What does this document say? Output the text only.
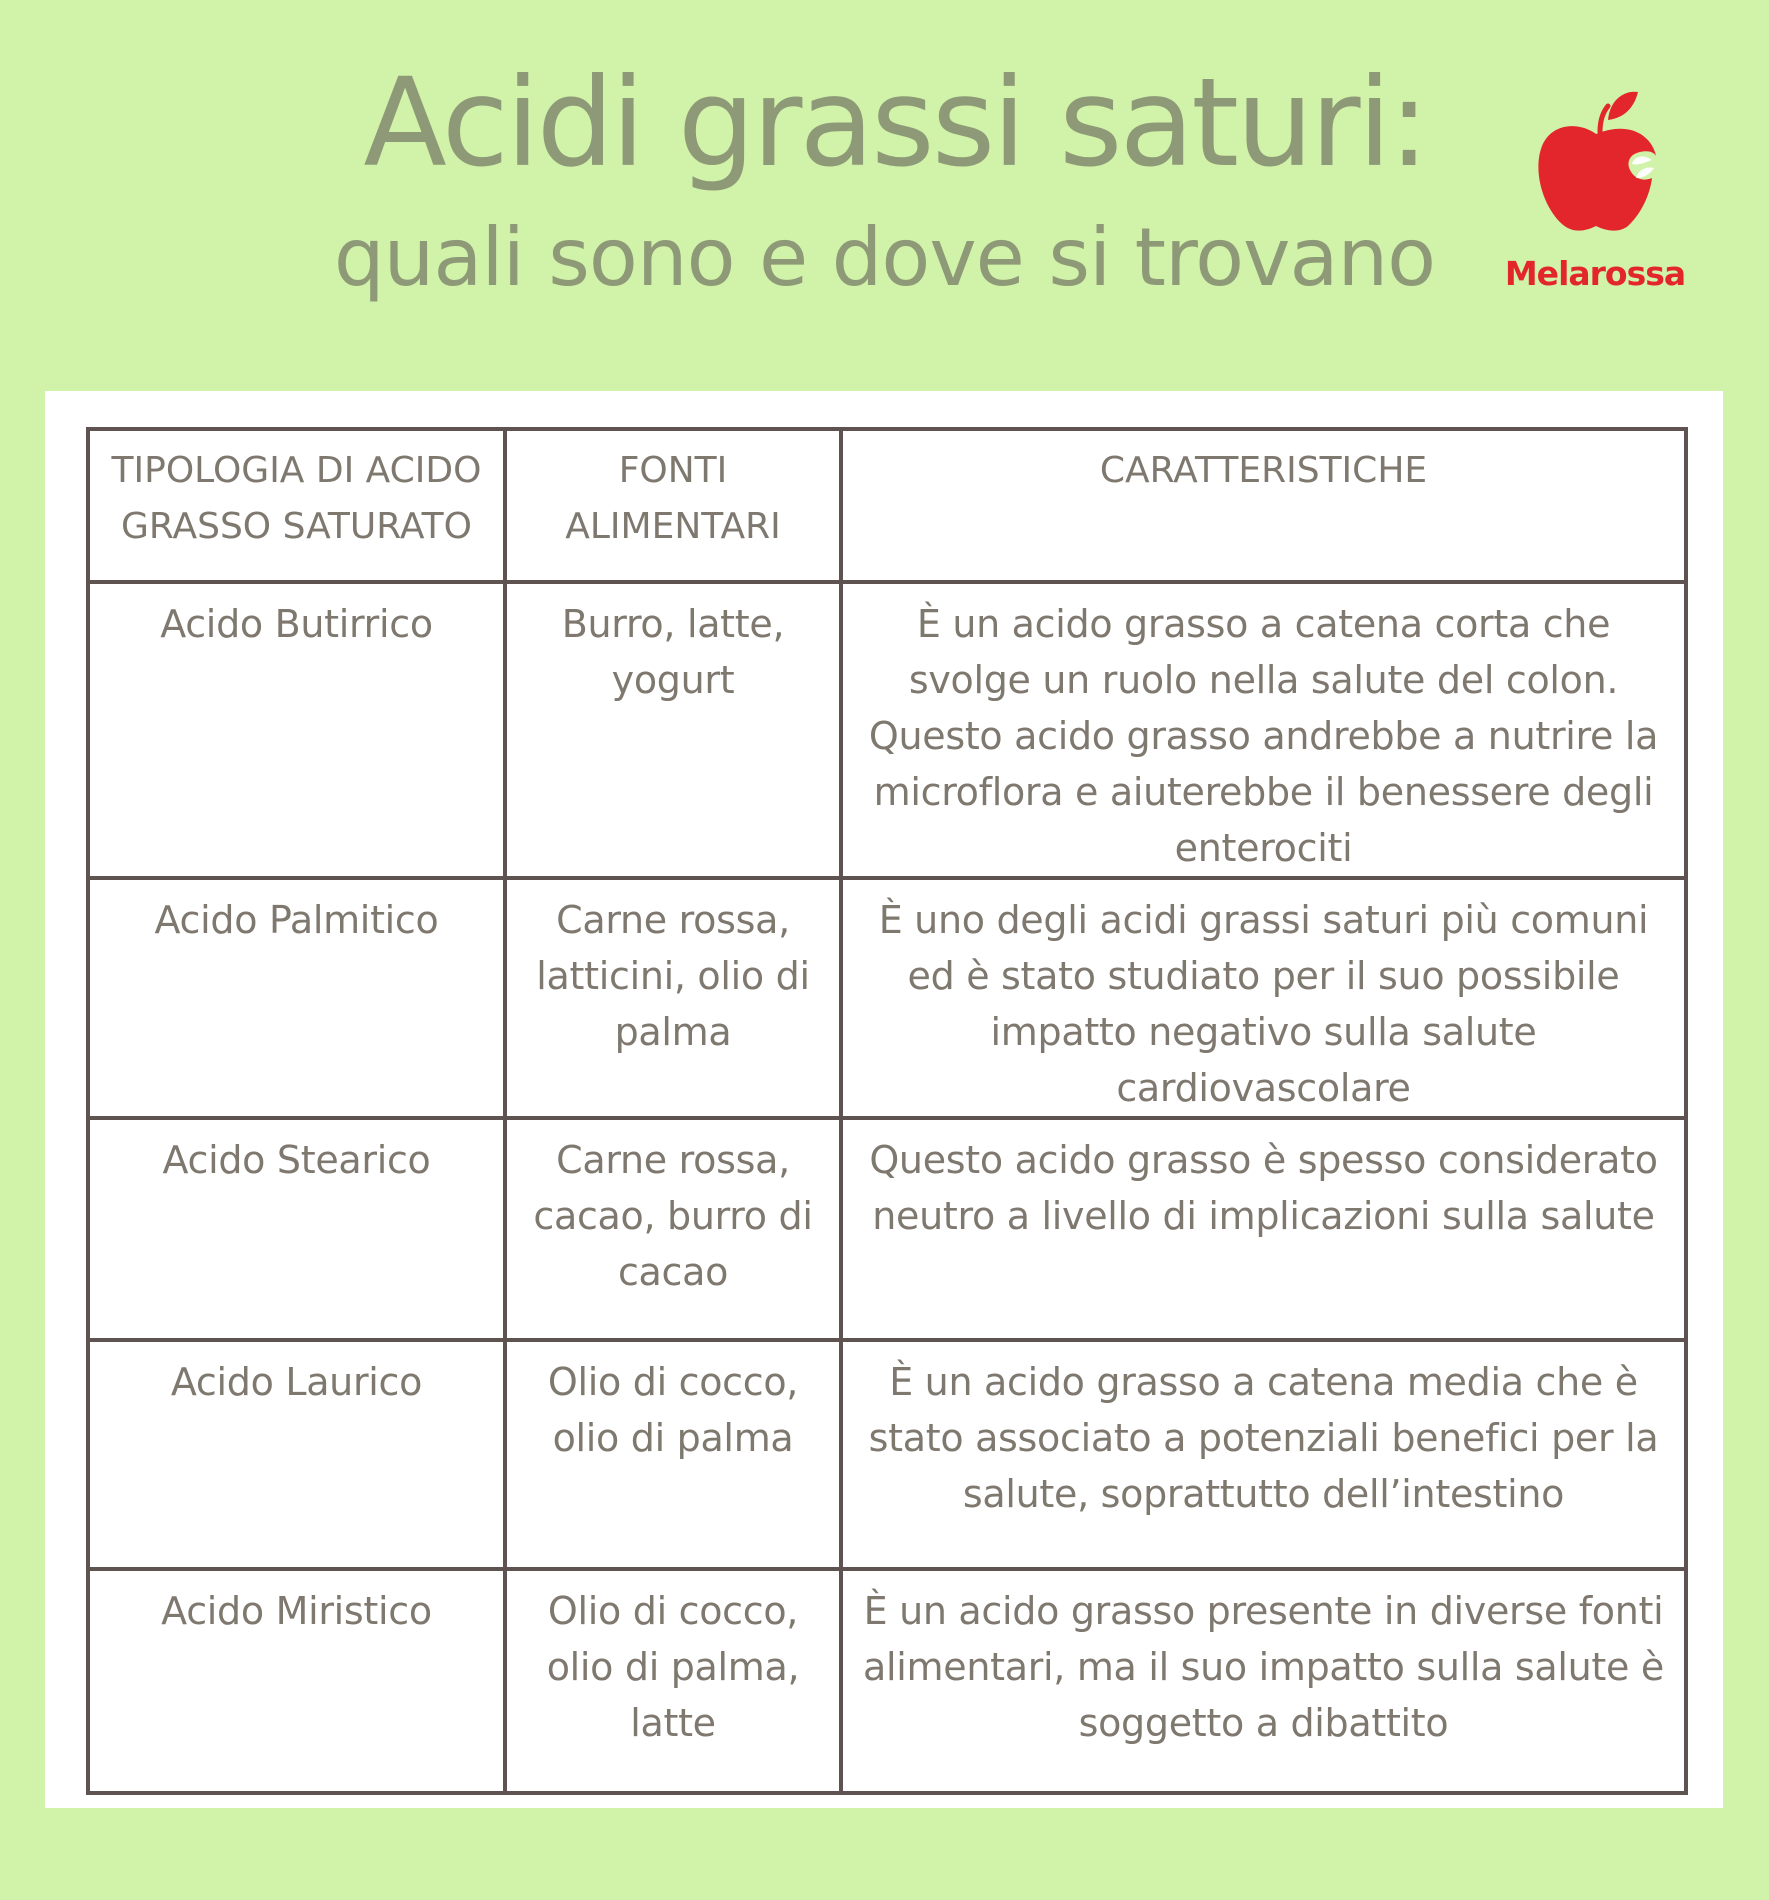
Acidi grassi saturi:
quali sono e dove si trovano	Melarossa
TIPOLOGIA DI ACIDO GRASSO SATURATO	FONTI ALIMENTARI	CARATTERISTICHE
Acido Butirrico	Burro, latte, yogurt	È un acido grasso a catena corta che svolge un ruolo nella salute del colon. Questo acido grasso andrebbe a nutrire la microflora e aiuterebbe il benessere degli enterociti
Acido Palmitico	Carne rossa, latticini, olio di palma	È uno degli acidi grassi saturi più comuni ed è stato studiato per il suo possibile impatto negativo sulla salute cardiovascolare
Acido Stearico	Carne rossa, cacao, burro di cacao	Questo acido grasso è spesso considerato neutro a livello di implicazioni sulla salute
Acido Laurico	Olio di cocco, olio di palma	È un acido grasso a catena media che è stato associato a potenziali benefici per la salute, soprattutto dell’intestino
Acido Miristico	Olio di cocco, olio di palma, latte	È un acido grasso presente in diverse fonti alimentari, ma il suo impatto sulla salute è soggetto a dibattito
